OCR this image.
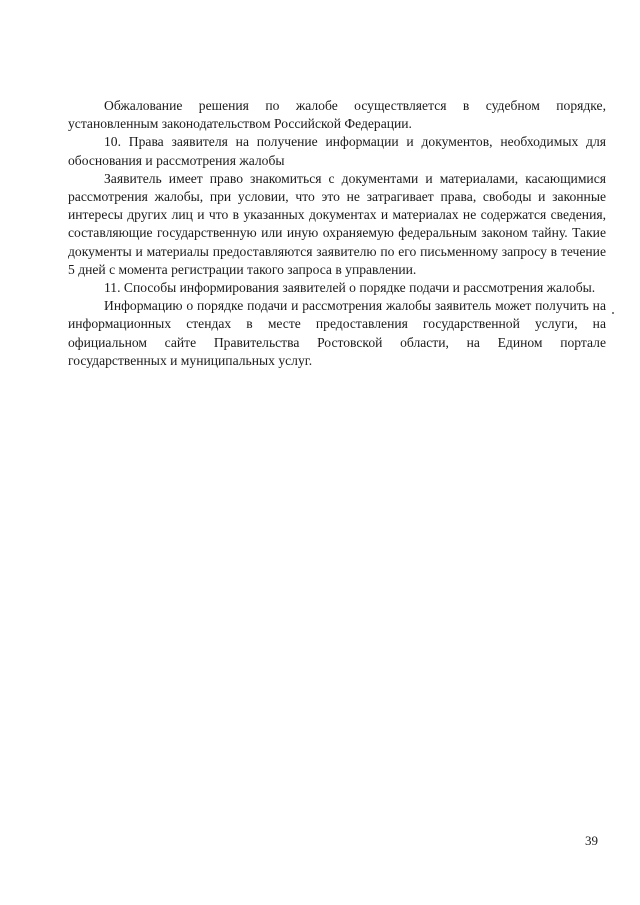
Обжалование решения по жалобе осуществляется в судебном порядке, установленным законодательством Российской Федерации.

10. Права заявителя на получение информации и документов, необходимых для обоснования и рассмотрения жалобы

Заявитель имеет право знакомиться с документами и материалами, касающимися рассмотрения жалобы, при условии, что это не затрагивает права, свободы и законные интересы других лиц и что в указанных документах и материалах не содержатся сведения, составляющие государственную или иную охраняемую федеральным законом тайну. Такие документы и материалы предоставляются заявителю по его письменному запросу в течение 5 дней с момента регистрации такого запроса в управлении.

11. Способы информирования заявителей о порядке подачи и рассмотрения жалобы.

Информацию о порядке подачи и рассмотрения жалобы заявитель может получить на информационных стендах в месте предоставления государственной услуги, на официальном сайте Правительства Ростовской области, на Едином портале государственных и муниципальных услуг.

39
